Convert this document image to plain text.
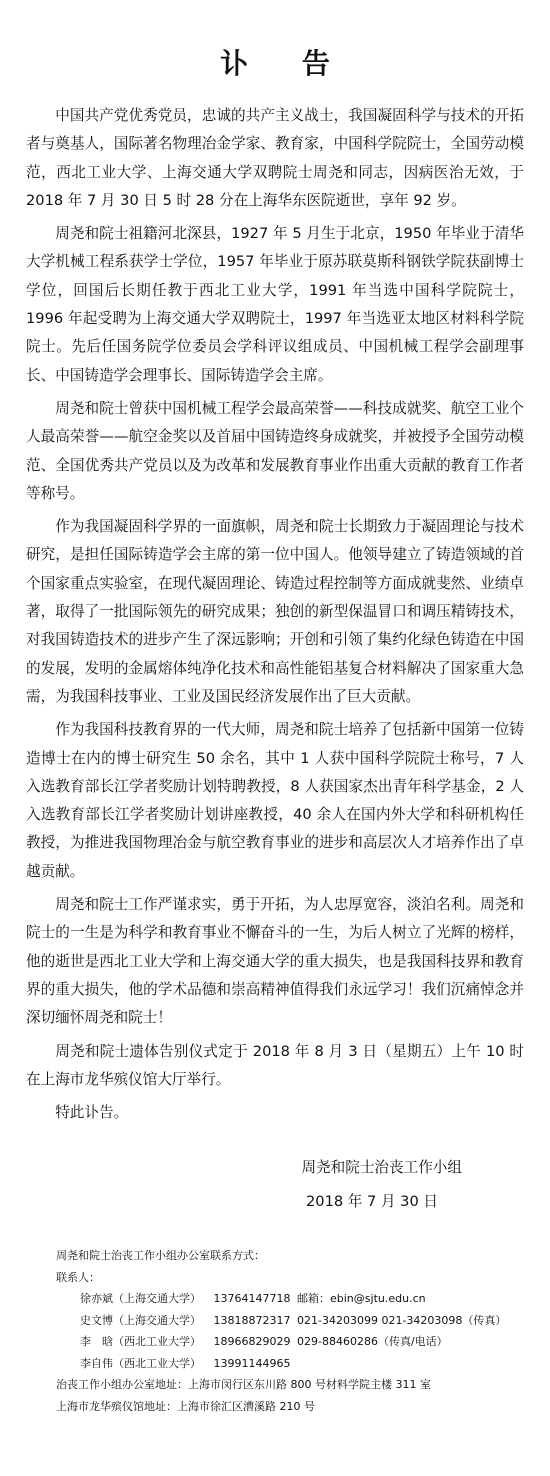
讣 告

中国共产党优秀党员，忠诚的共产主义战士，我国凝固科学与技术的开拓者与奠基人，国际著名物理冶金学家、教育家，中国科学院院士，全国劳动模范，西北工业大学、上海交通大学双聘院士周尧和同志，因病医治无效，于 2018 年 7 月 30 日 5 时 28 分在上海华东医院逝世，享年 92 岁。

周尧和院士祖籍河北深县，1927 年 5 月生于北京，1950 年毕业于清华大学机械工程系获学士学位，1957 年毕业于原苏联莫斯科钢铁学院获副博士学位，回国后长期任教于西北工业大学，1991 年当选中国科学院院士，1996 年起受聘为上海交通大学双聘院士，1997 年当选亚太地区材料科学院院士。先后任国务院学位委员会学科评议组成员、中国机械工程学会副理事长、中国铸造学会理事长、国际铸造学会主席。

周尧和院士曾获中国机械工程学会最高荣誉——科技成就奖、航空工业个人最高荣誉——航空金奖以及首届中国铸造终身成就奖，并被授予全国劳动模范、全国优秀共产党员以及为改革和发展教育事业作出重大贡献的教育工作者等称号。

作为我国凝固科学界的一面旗帜，周尧和院士长期致力于凝固理论与技术研究，是担任国际铸造学会主席的第一位中国人。他领导建立了铸造领域的首个国家重点实验室，在现代凝固理论、铸造过程控制等方面成就斐然、业绩卓著，取得了一批国际领先的研究成果；独创的新型保温冒口和调压精铸技术，对我国铸造技术的进步产生了深远影响；开创和引领了集约化绿色铸造在中国的发展，发明的金属熔体纯净化技术和高性能铝基复合材料解决了国家重大急需，为我国科技事业、工业及国民经济发展作出了巨大贡献。

作为我国科技教育界的一代大师，周尧和院士培养了包括新中国第一位铸造博士在内的博士研究生 50 余名，其中 1 人获中国科学院院士称号，7 人入选教育部长江学者奖励计划特聘教授，8 人获国家杰出青年科学基金，2 人入选教育部长江学者奖励计划讲座教授，40 余人在国内外大学和科研机构任教授，为推进我国物理冶金与航空教育事业的进步和高层次人才培养作出了卓越贡献。

周尧和院士工作严谨求实，勇于开拓，为人忠厚宽容，淡泊名利。周尧和院士的一生是为科学和教育事业不懈奋斗的一生，为后人树立了光辉的榜样，他的逝世是西北工业大学和上海交通大学的重大损失，也是我国科技界和教育界的重大损失，他的学术品德和崇高精神值得我们永远学习！我们沉痛悼念并深切缅怀周尧和院士！

周尧和院士遗体告别仪式定于 2018 年 8 月 3 日（星期五）上午 10 时在上海市龙华殡仪馆大厅举行。

特此讣告。

周尧和院士治丧工作小组
2018 年 7 月 30 日
周尧和院士治丧工作小组办公室联系方式：
联系人：
徐亦斌（上海交通大学） 13764147718 邮箱：ebin@sjtu.edu.cn
史文博（上海交通大学） 13818872317 021-34203099 021-34203098（传真）
李　晗（西北工业大学） 18966829029 029-88460286（传真/电话）
李自伟（西北工业大学） 13991144965
治丧工作小组办公室地址：上海市闵行区东川路 800 号材料学院主楼 311 室
上海市龙华殡仪馆地址：上海市徐汇区漕溪路 210 号
